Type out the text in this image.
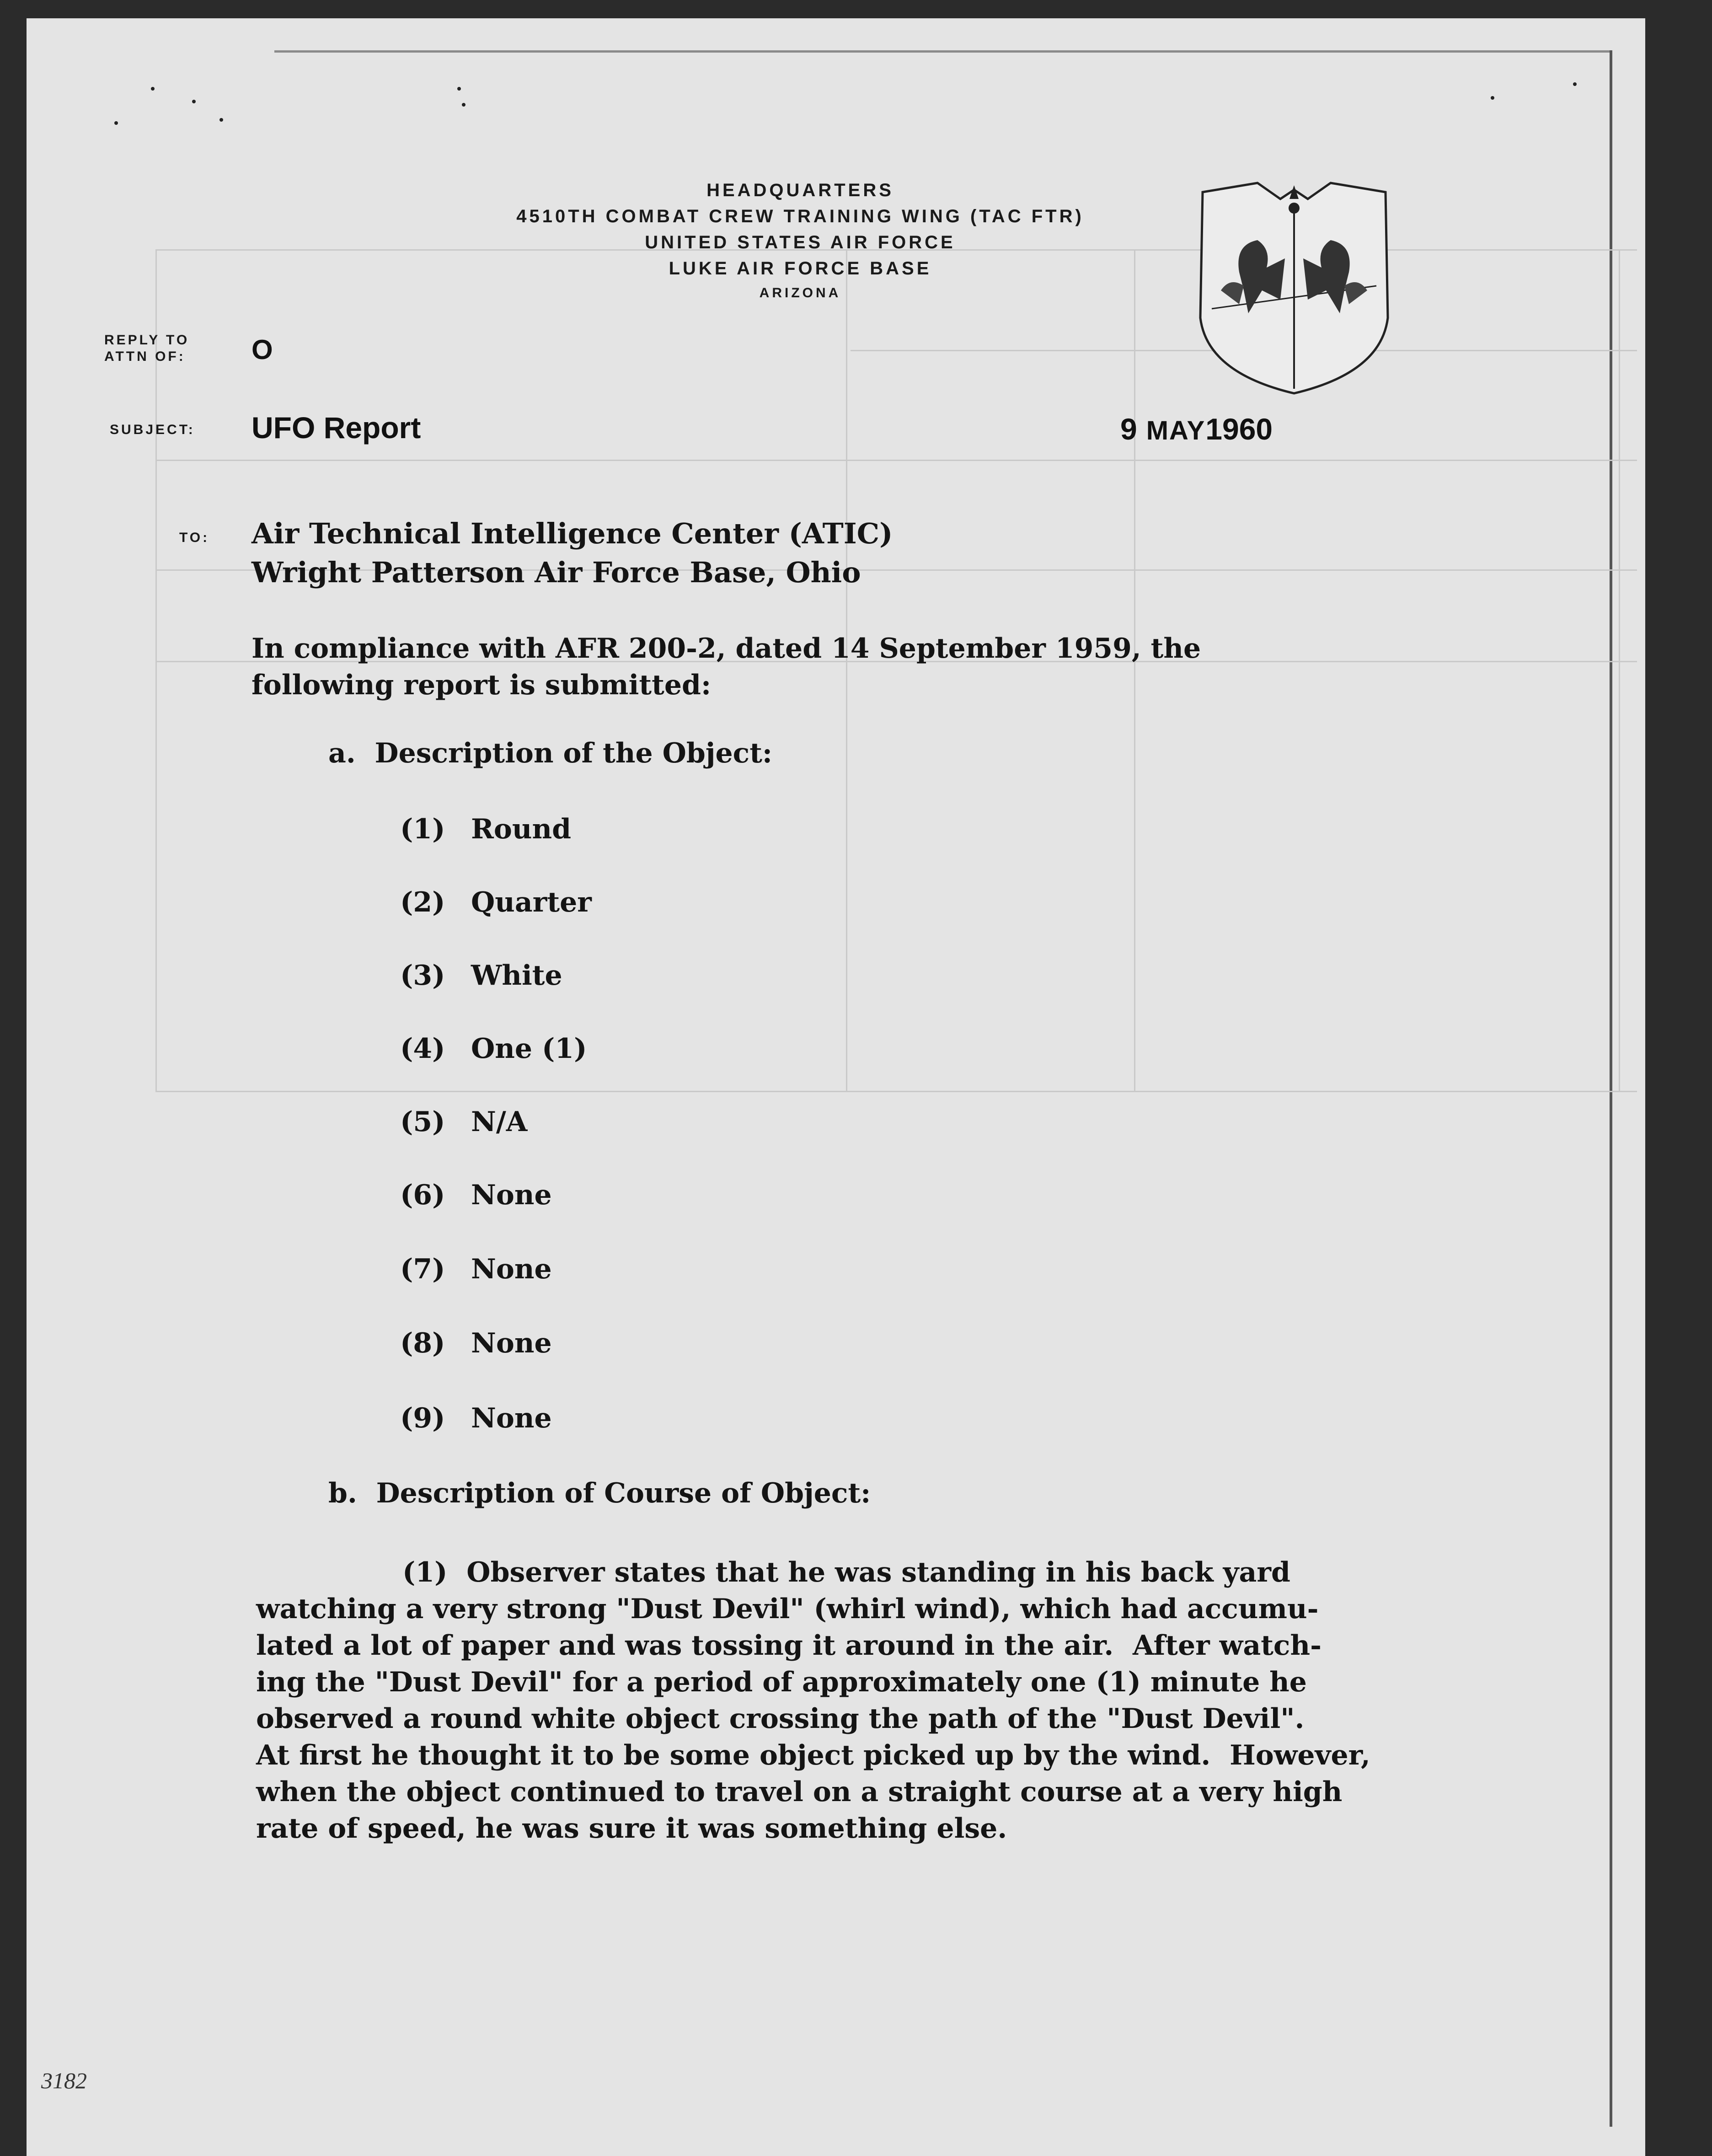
HEADQUARTERS
4510TH COMBAT CREW TRAINING WING (TAC FTR)
UNITED STATES AIR FORCE
LUKE AIR FORCE BASE
ARIZONA
REPLY TO
ATTN OF: O
SUBJECT: UFO Report	9 MAY1960
TO: Air Technical Intelligence Center (ATIC)
Wright Patterson Air Force Base, Ohio
In compliance with AFR 200-2, dated 14 September 1959, the
following report is submitted:
a.  Description of the Object:
(1) Round
(2) Quarter
(3) White
(4) One (1)
(5) N/A
(6) None
(7) None
(8) None
(9) None
b.  Description of Course of Object:
(1)  Observer states that he was standing in his back yard
watching a very strong "Dust Devil" (whirl wind), which had accumu-
lated a lot of paper and was tossing it around in the air.  After watch-
ing the "Dust Devil" for a period of approximately one (1) minute he
observed a round white object crossing the path of the "Dust Devil".
At first he thought it to be some object picked up by the wind.  However,
when the object continued to travel on a straight course at a very high
rate of speed, he was sure it was something else.
3182
